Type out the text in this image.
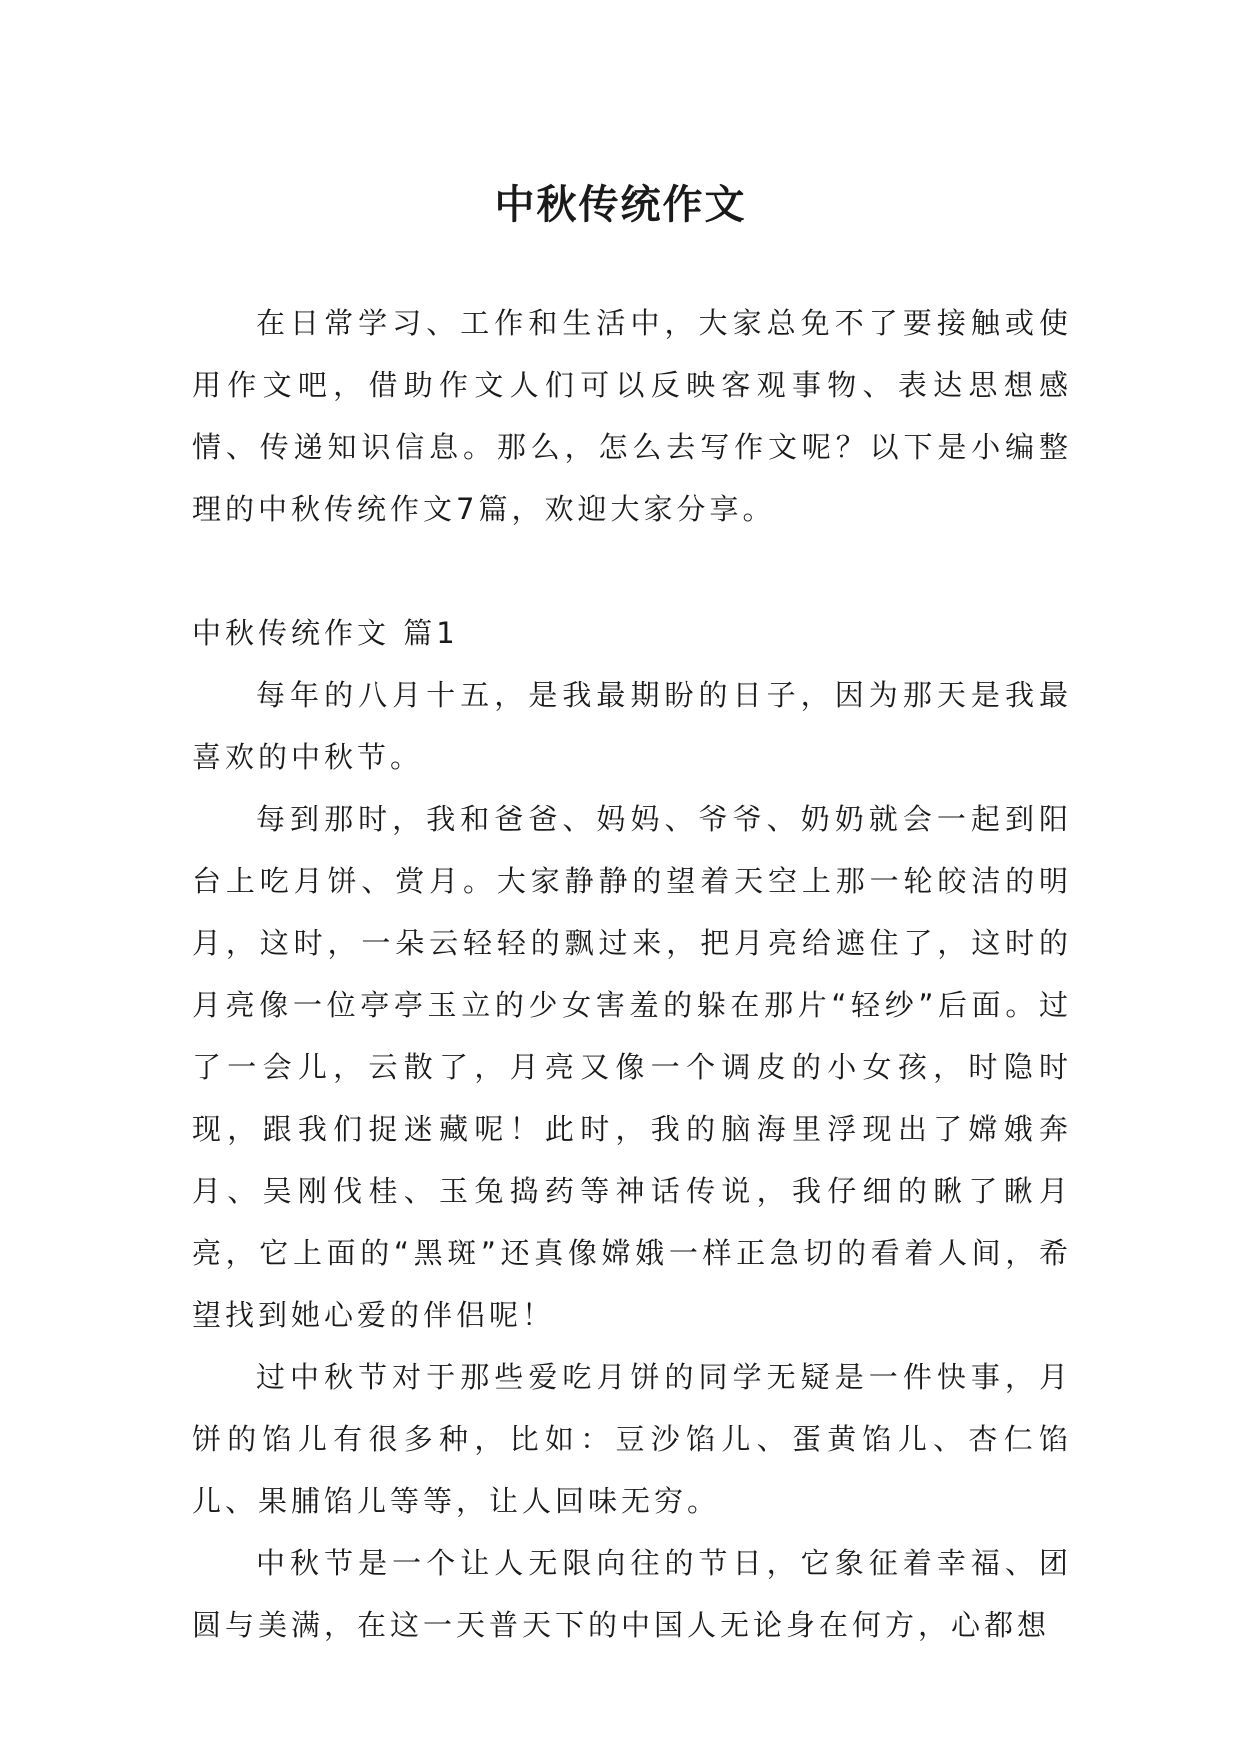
中秋传统作文

在日常学习、工作和生活中，大家总免不了要接触或使用作文吧，借助作文人们可以反映客观事物、表达思想感情、传递知识信息。那么，怎么去写作文呢？以下是小编整理的中秋传统作文7篇，欢迎大家分享。

中秋传统作文 篇1

每年的八月十五，是我最期盼的日子，因为那天是我最喜欢的中秋节。

每到那时，我和爸爸、妈妈、爷爷、奶奶就会一起到阳台上吃月饼、赏月。大家静静的望着天空上那一轮皎洁的明月，这时，一朵云轻轻的飘过来，把月亮给遮住了，这时的月亮像一位亭亭玉立的少女害羞的躲在那片“轻纱”后面。过了一会儿，云散了，月亮又像一个调皮的小女孩，时隐时现，跟我们捉迷藏呢！此时，我的脑海里浮现出了嫦娥奔月、吴刚伐桂、玉兔捣药等神话传说，我仔细的瞅了瞅月亮，它上面的“黑斑”还真像嫦娥一样正急切的看着人间，希望找到她心爱的伴侣呢！

过中秋节对于那些爱吃月饼的同学无疑是一件快事，月饼的馅儿有很多种，比如：豆沙馅儿、蛋黄馅儿、杏仁馅儿、果脯馅儿等等，让人回味无穷。

中秋节是一个让人无限向往的节日，它象征着幸福、团圆与美满，在这一天普天下的中国人无论身在何方，心都想
